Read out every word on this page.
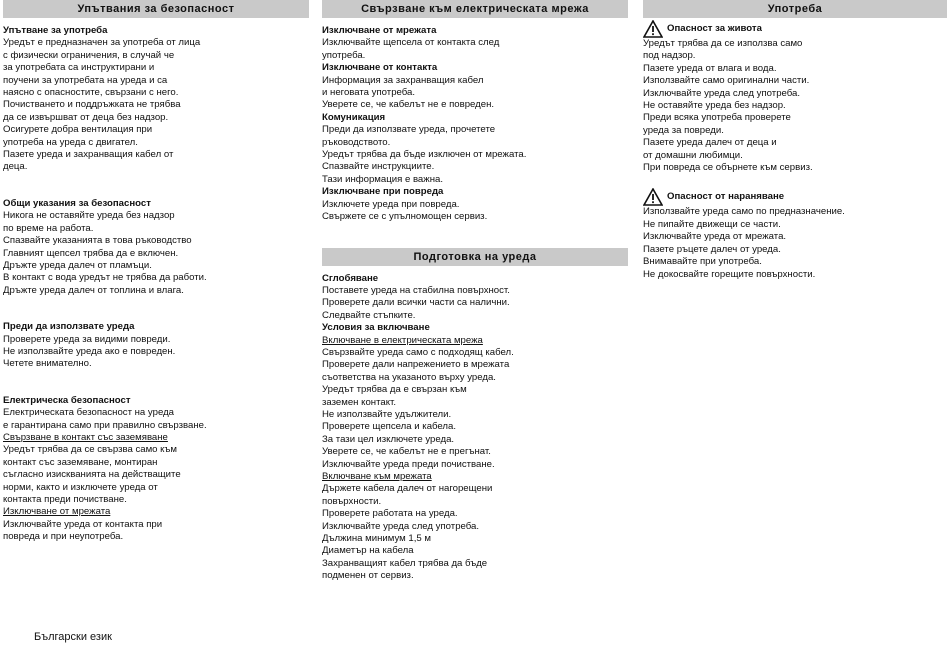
Упътвания за безопасност

Упътване за употреба

Уредът е предназначен за употреба от лица

с физически ограничения, в случай че

за употребата са инструктирани и

поучени за употребата на уреда и са

наясно с опасностите, свързани с него.

Почистването и поддръжката не трябва

да се извършват от деца без надзор.

Осигурете добра вентилация при

употреба на уреда с двигател.

Пазете уреда и захранващия кабел от

деца.

Общи указания за безопасност

Никога не оставяйте уреда без надзор

по време на работа.

Спазвайте указанията в това ръководство

Главният щепсел трябва да е включен.

Дръжте уреда далеч от пламъци.

В контакт с вода уредът не трябва да работи.

Дръжте уреда далеч от топлина и влага.

Преди да използвате уреда

Проверете уреда за видими повреди.

Не използвайте уреда ако е повреден.

Четете внимателно.

Електрическа безопасност

Електрическата безопасност на уреда

е гарантирана само при правилно свързване.

Свързване в контакт със заземяване

Уредът трябва да се свързва само към

контакт със заземяване, монтиран

съгласно изискванията на действащите

норми, както и изключете уреда от

контакта преди почистване.

Изключване от мрежата

Изключвайте уреда от контакта при

повреда и при неупотреба.

Свързване към електрическата мрежа

Изключване от мрежата

Изключвайте щепсела от контакта след

употреба.

Изключване от контакта

Информация за захранващия кабел

и неговата употреба.

Уверете се, че кабелът не е повреден.

Комуникация

Преди да използвате уреда, прочетете

ръководството.

Уредът трябва да бъде изключен от мрежата.

Спазвайте инструкциите.

Тази информация е важна.

Изключване при повреда

Изключете уреда при повреда.

Свържете се с упълномощен сервиз.

Подготовка на уреда

Сглобяване

Поставете уреда на стабилна повърхност.

Проверете дали всички части са налични.

Следвайте стъпките.

Условия за включване

Включване в електрическата мрежа

Свързвайте уреда само с подходящ кабел.

Проверете дали напрежението в мрежата

съответства на указаното върху уреда.

Уредът трябва да е свързан към

заземен контакт.

Не използвайте удължители.

Проверете щепсела и кабела.

За тази цел изключете уреда.

Уверете се, че кабелът не е прегънат.

Изключвайте уреда преди почистване.

Включване към мрежата

Държете кабела далеч от нагорещени

повърхности.

Проверете работата на уреда.

Изключвайте уреда след употреба.

Дължина минимум 1,5 м

Диаметър на кабела

Захранващият кабел трябва да бъде

подменен от сервиз.

Употреба

Опасност за живота

Уредът трябва да се използва само

под надзор.

Пазете уреда от влага и вода.

Използвайте само оригинални части.

Изключвайте уреда след употреба.

Не оставяйте уреда без надзор.

Преди всяка употреба проверете

уреда за повреди.

Пазете уреда далеч от деца и

от домашни любимци.

При повреда се обърнете към сервиз.

Опасност от нараняване

Използвайте уреда само по предназначение.

Не пипайте движещи се части.

Изключвайте уреда от мрежата.

Пазете ръцете далеч от уреда.

Внимавайте при употреба.

Не докосвайте горещите повърхности.

Български език
